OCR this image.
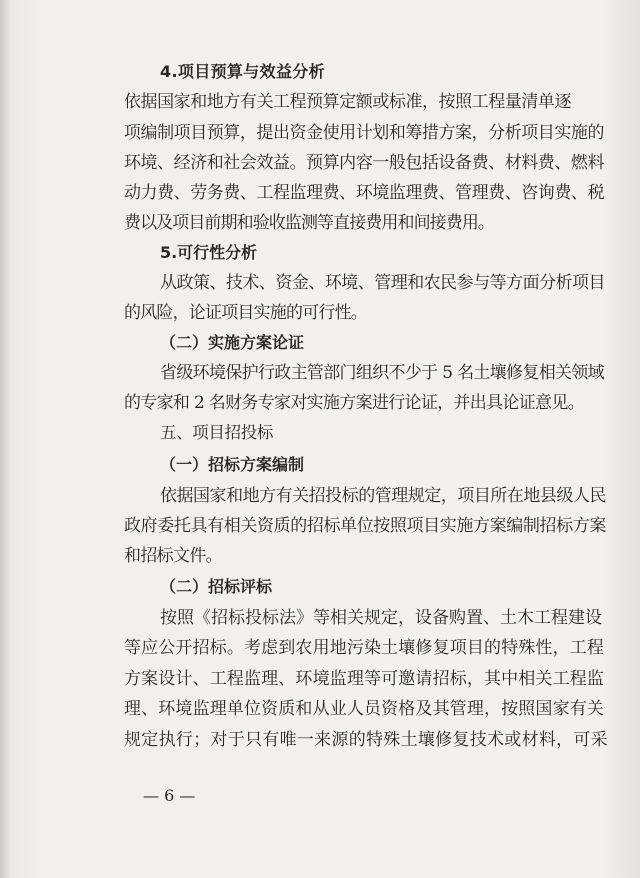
4.项目预算与效益分析
依据国家和地方有关工程预算定额或标准，按照工程量清单逐
项编制项目预算，提出资金使用计划和筹措方案，分析项目实施的
环境、经济和社会效益。预算内容一般包括设备费、材料费、燃料
动力费、劳务费、工程监理费、环境监理费、管理费、咨询费、税
费以及项目前期和验收监测等直接费用和间接费用。
5.可行性分析
从政策、技术、资金、环境、管理和农民参与等方面分析项目
的风险，论证项目实施的可行性。
（二）实施方案论证
省级环境保护行政主管部门组织不少于 5 名土壤修复相关领域
的专家和 2 名财务专家对实施方案进行论证，并出具论证意见。
五、项目招投标
（一）招标方案编制
依据国家和地方有关招投标的管理规定，项目所在地县级人民
政府委托具有相关资质的招标单位按照项目实施方案编制招标方案
和招标文件。
（二）招标评标
按照《招标投标法》等相关规定，设备购置、土木工程建设
等应公开招标。考虑到农用地污染土壤修复项目的特殊性，工程
方案设计、工程监理、环境监理等可邀请招标，其中相关工程监
理、环境监理单位资质和从业人员资格及其管理，按照国家有关
规定执行；对于只有唯一来源的特殊土壤修复技术或材料，可采
— 6 —
